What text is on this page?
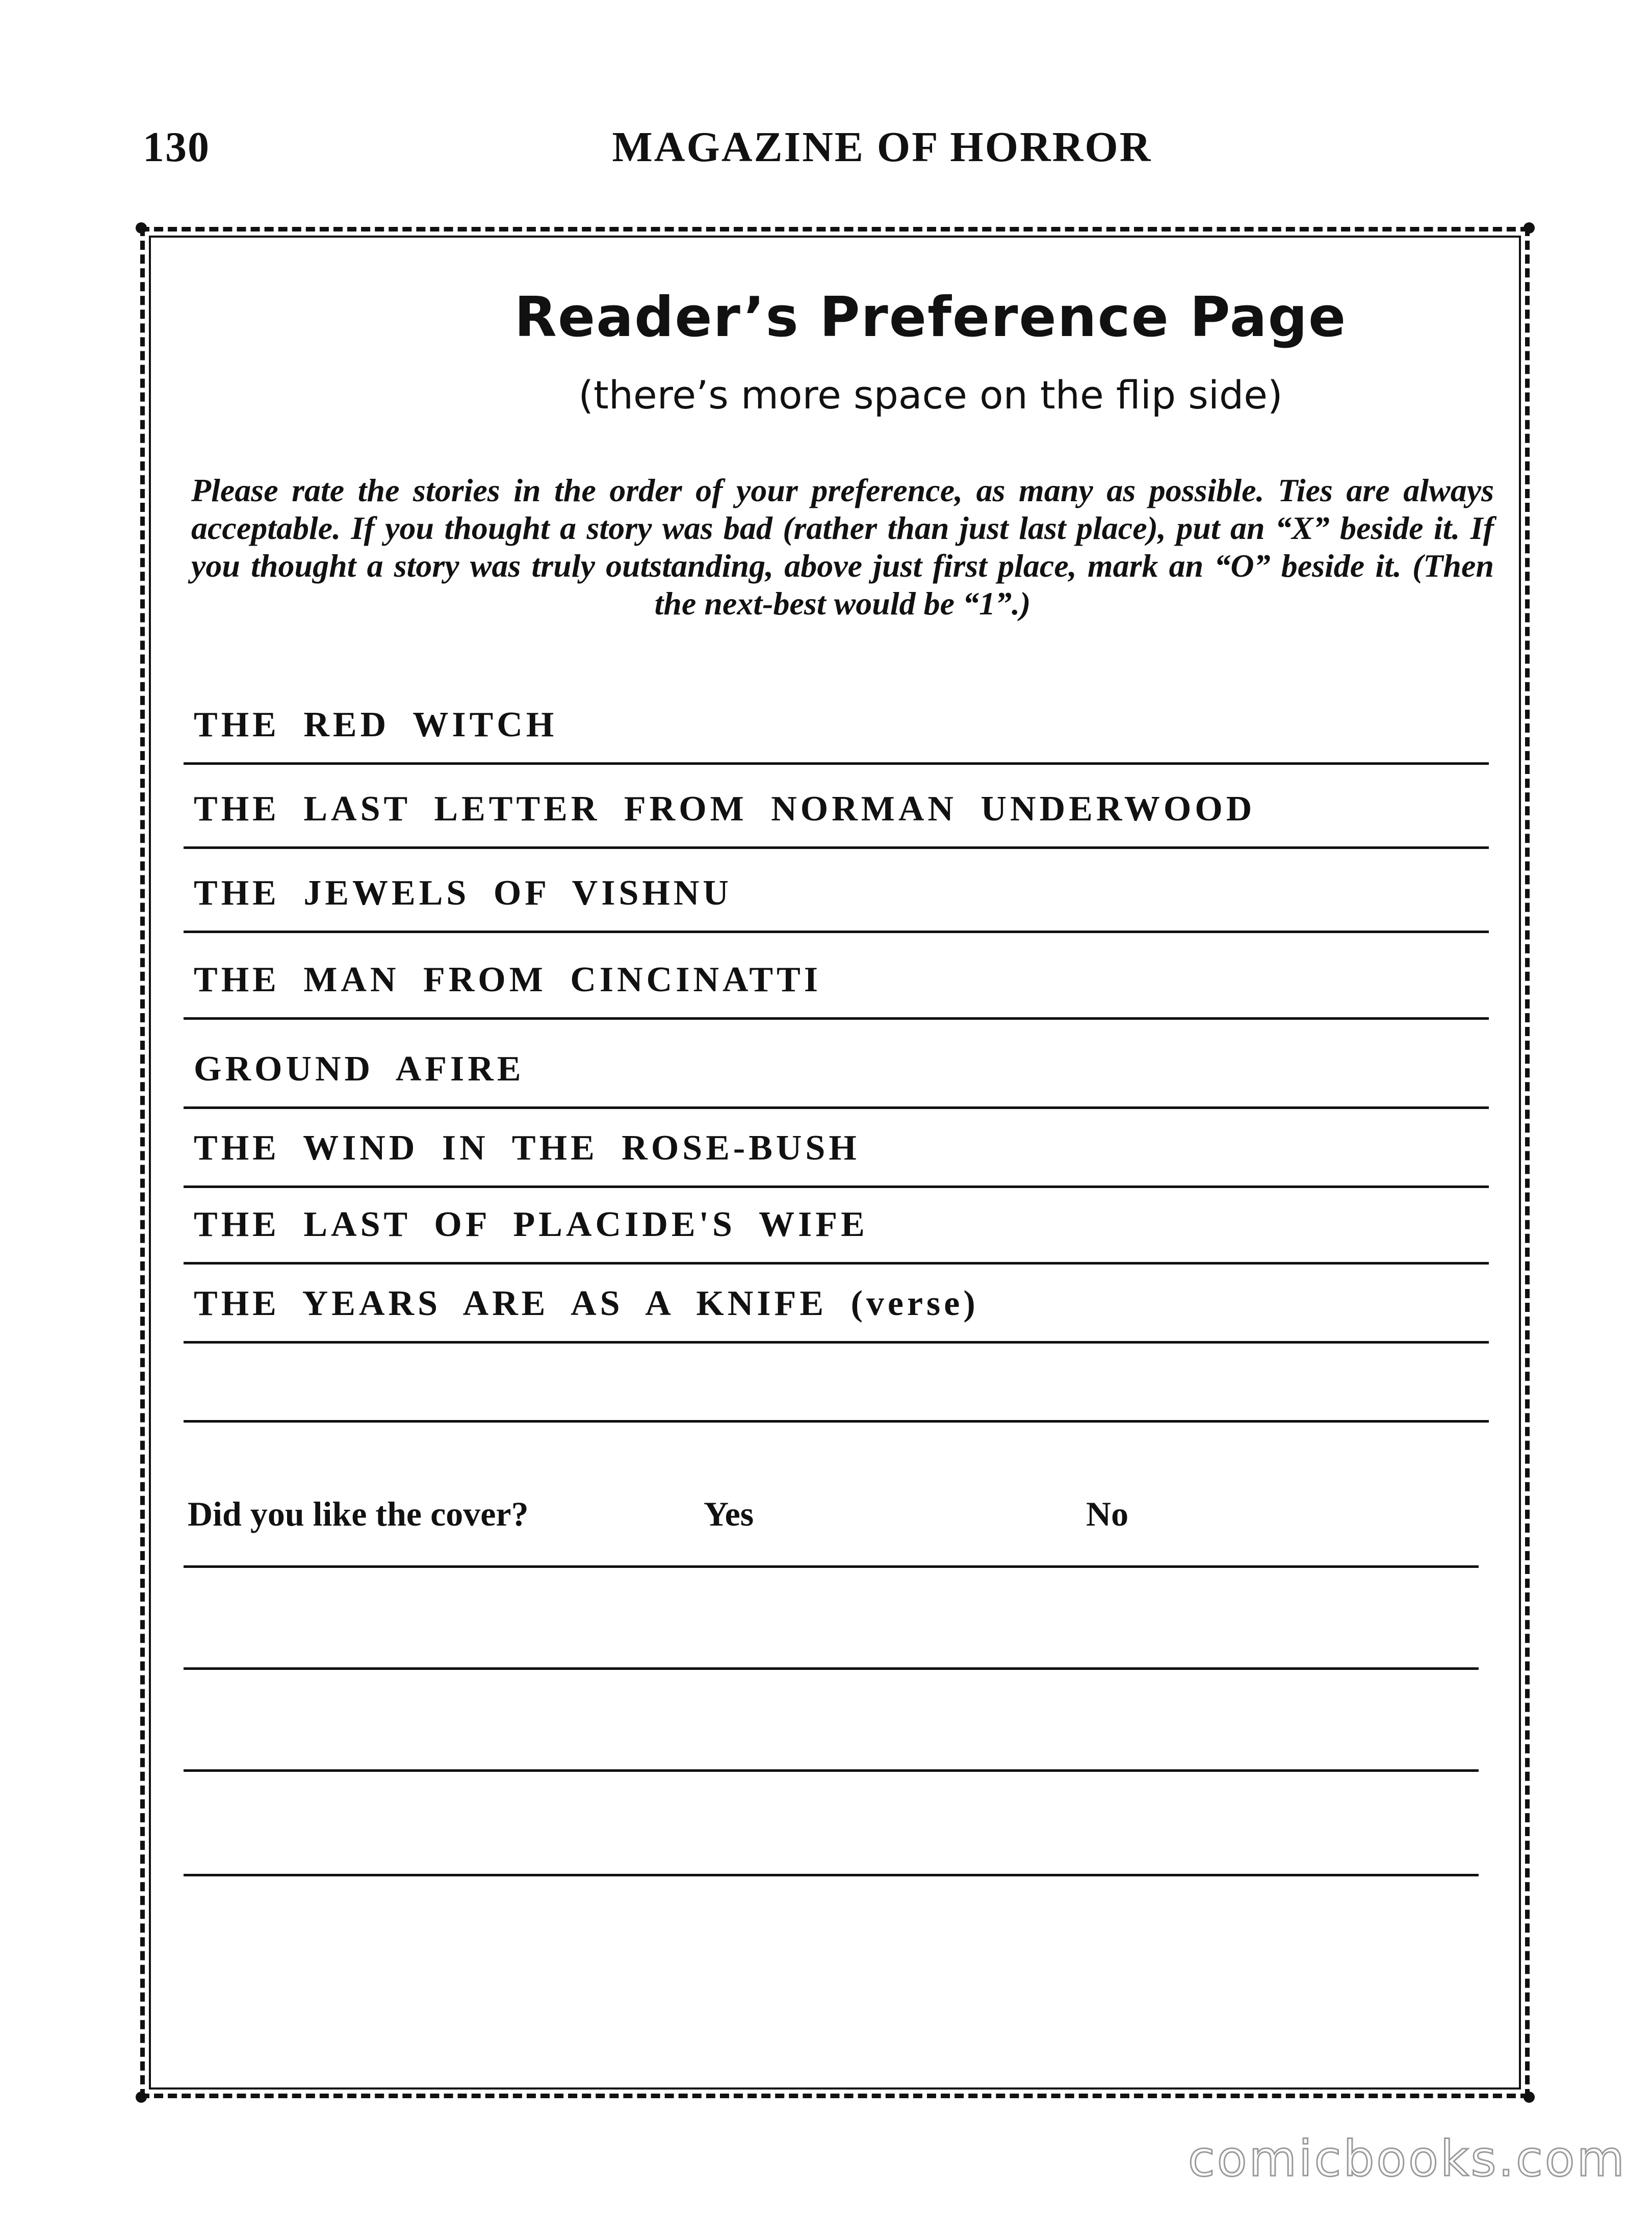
130	MAGAZINE OF HORROR
Reader’s Preference Page
(there’s more space on the flip side)
Please rate the stories in the order of your preference, as many as possible. Ties are always acceptable. If you thought a story was bad (rather than just last place), put an “X” beside it. If you thought a story was truly outstanding, above just first place, mark an “O” beside it. (Then the next-best would be “1”.)
THE RED WITCH
THE LAST LETTER FROM NORMAN UNDERWOOD
THE JEWELS OF VISHNU
THE MAN FROM CINCINATTI
GROUND AFIRE
THE WIND IN THE ROSE-BUSH
THE LAST OF PLACIDE'S WIFE
THE YEARS ARE AS A KNIFE (verse)
Did you like the cover?	Yes	No
comicbooks.com
